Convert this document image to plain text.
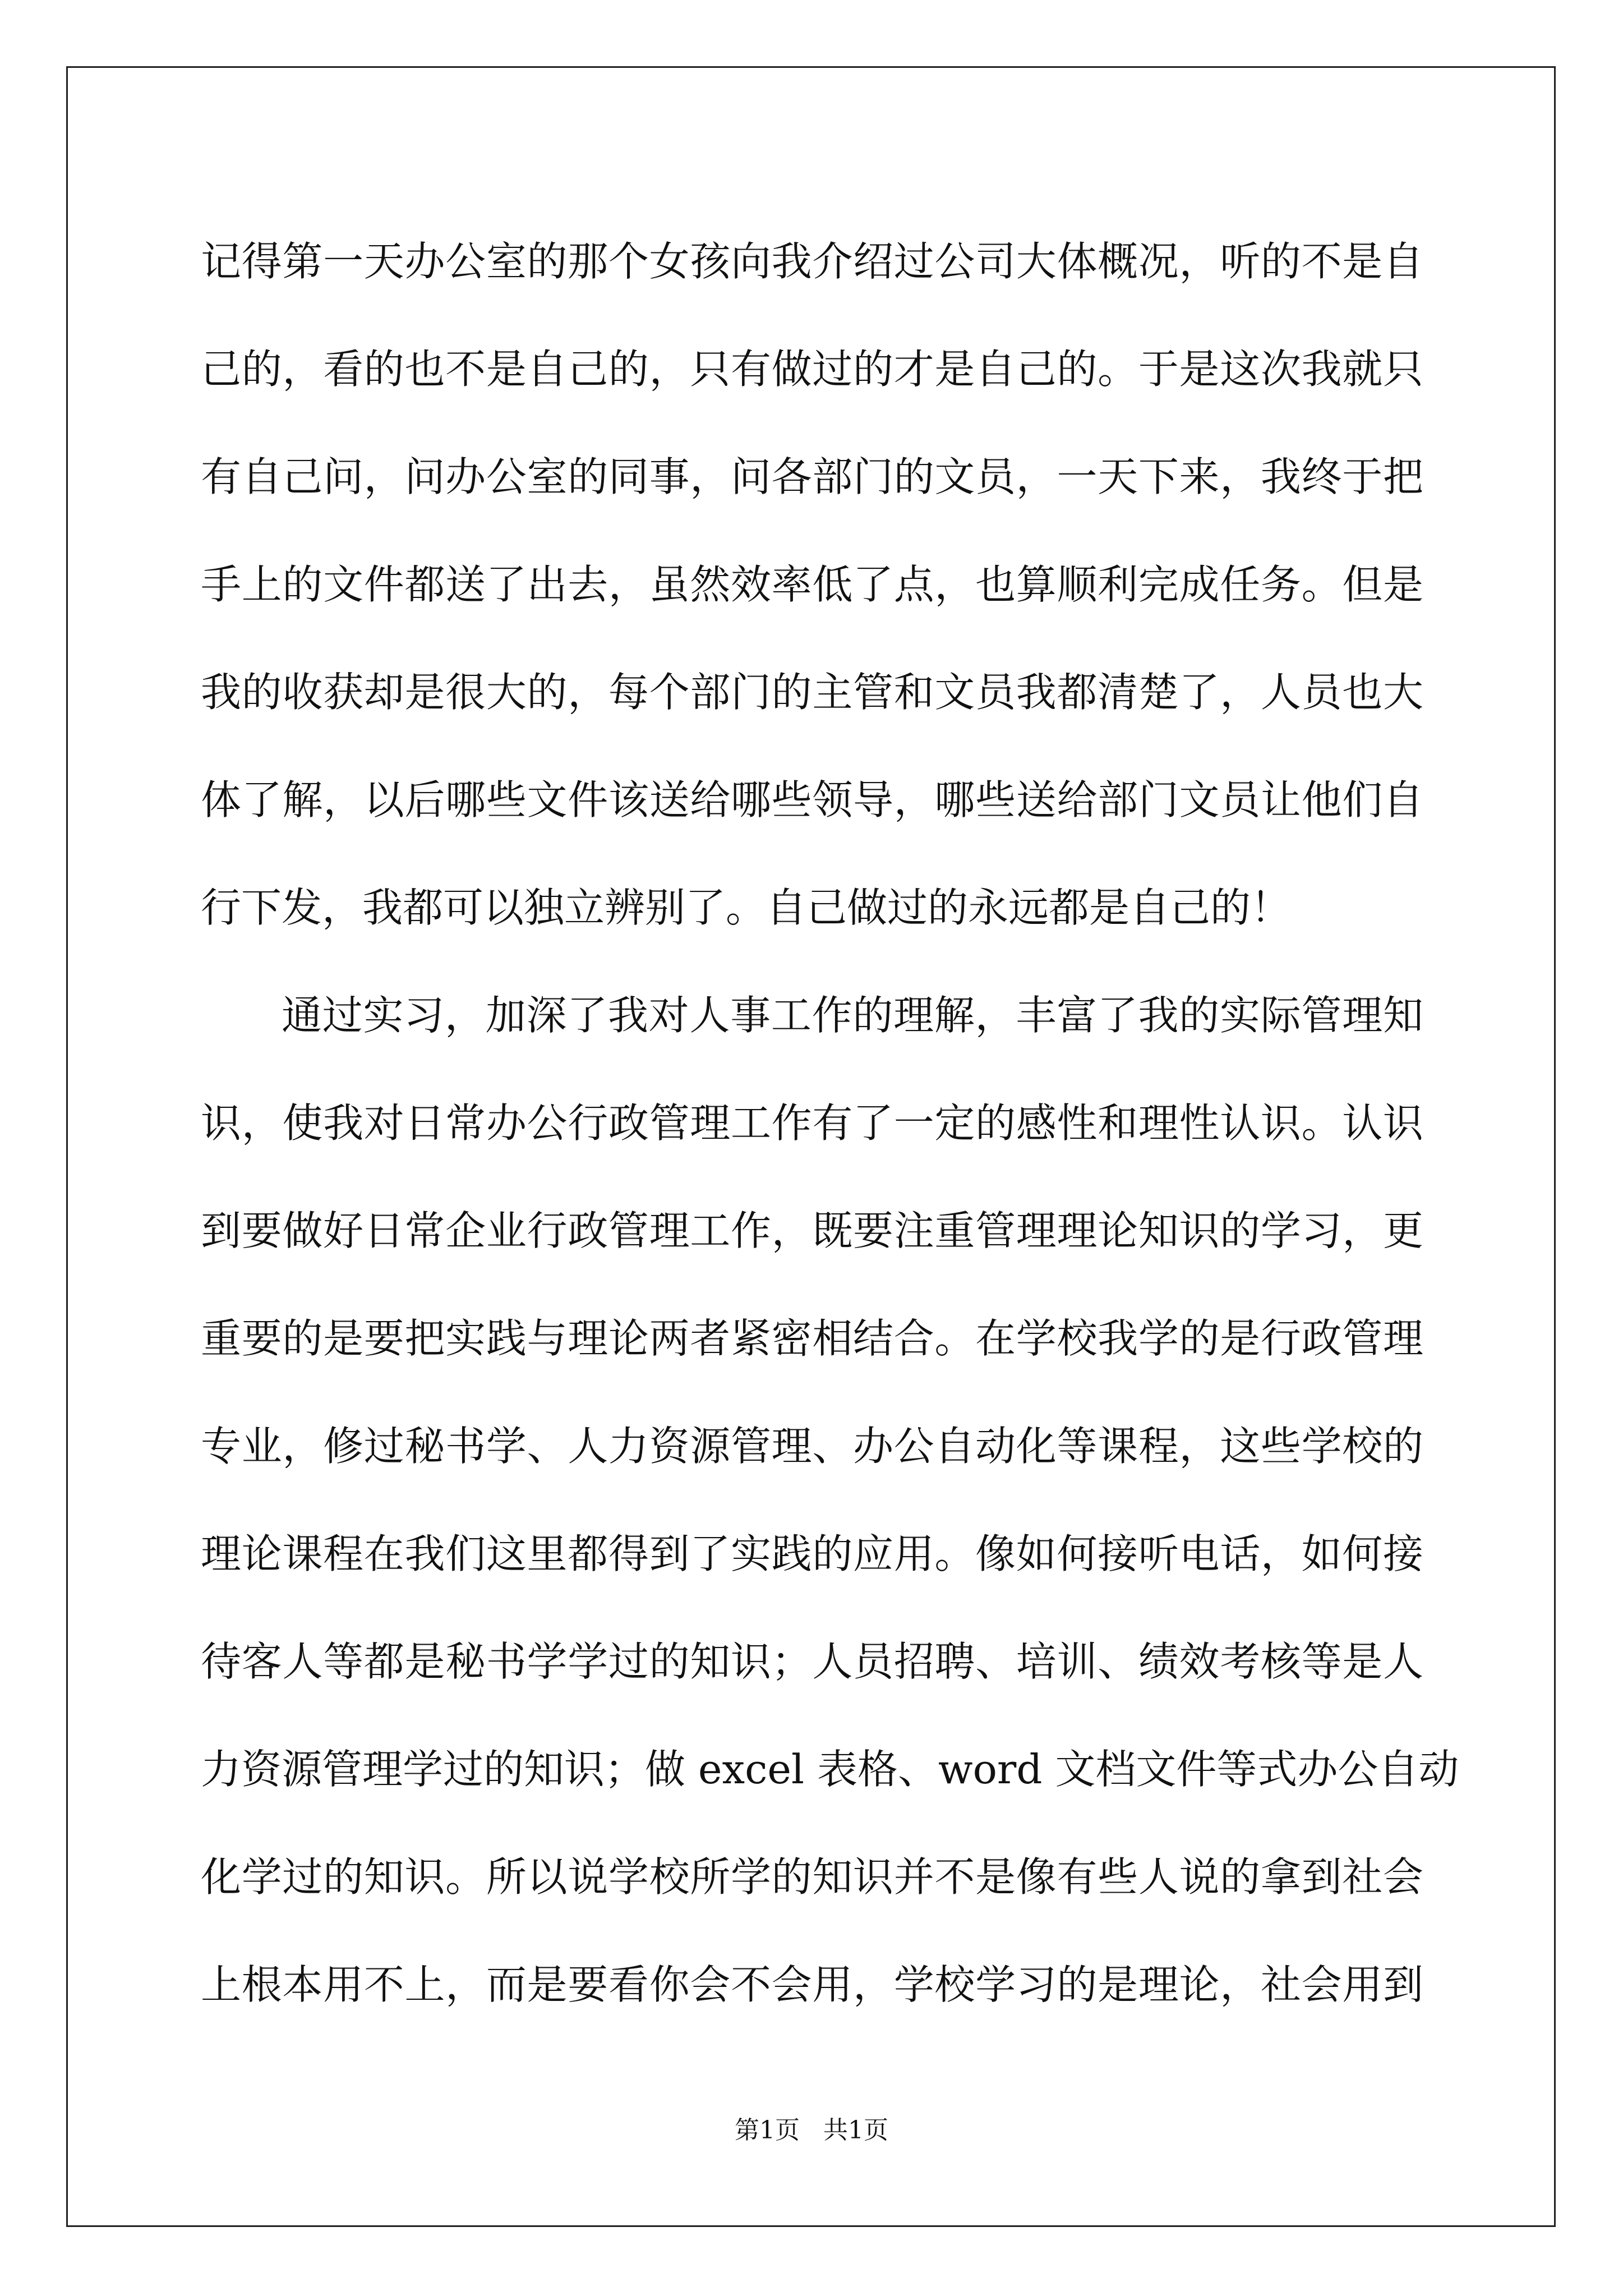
记得第一天办公室的那个女孩向我介绍过公司大体概况，听的不是自
己的，看的也不是自己的，只有做过的才是自己的。于是这次我就只
有自己问，问办公室的同事，问各部门的文员，一天下来，我终于把
手上的文件都送了出去，虽然效率低了点，也算顺利完成任务。但是
我的收获却是很大的，每个部门的主管和文员我都清楚了，人员也大
体了解，以后哪些文件该送给哪些领导，哪些送给部门文员让他们自
行下发，我都可以独立辨别了。自己做过的永远都是自己的！
通过实习，加深了我对人事工作的理解，丰富了我的实际管理知
识，使我对日常办公行政管理工作有了一定的感性和理性认识。认识
到要做好日常企业行政管理工作，既要注重管理理论知识的学习，更
重要的是要把实践与理论两者紧密相结合。在学校我学的是行政管理
专业，修过秘书学、人力资源管理、办公自动化等课程，这些学校的
理论课程在我们这里都得到了实践的应用。像如何接听电话，如何接
待客人等都是秘书学学过的知识；人员招聘、培训、绩效考核等是人
力资源管理学过的知识；做 excel 表格、word 文档文件等式办公自动
化学过的知识。所以说学校所学的知识并不是像有些人说的拿到社会
上根本用不上，而是要看你会不会用，学校学习的是理论，社会用到
第1页 共1页
